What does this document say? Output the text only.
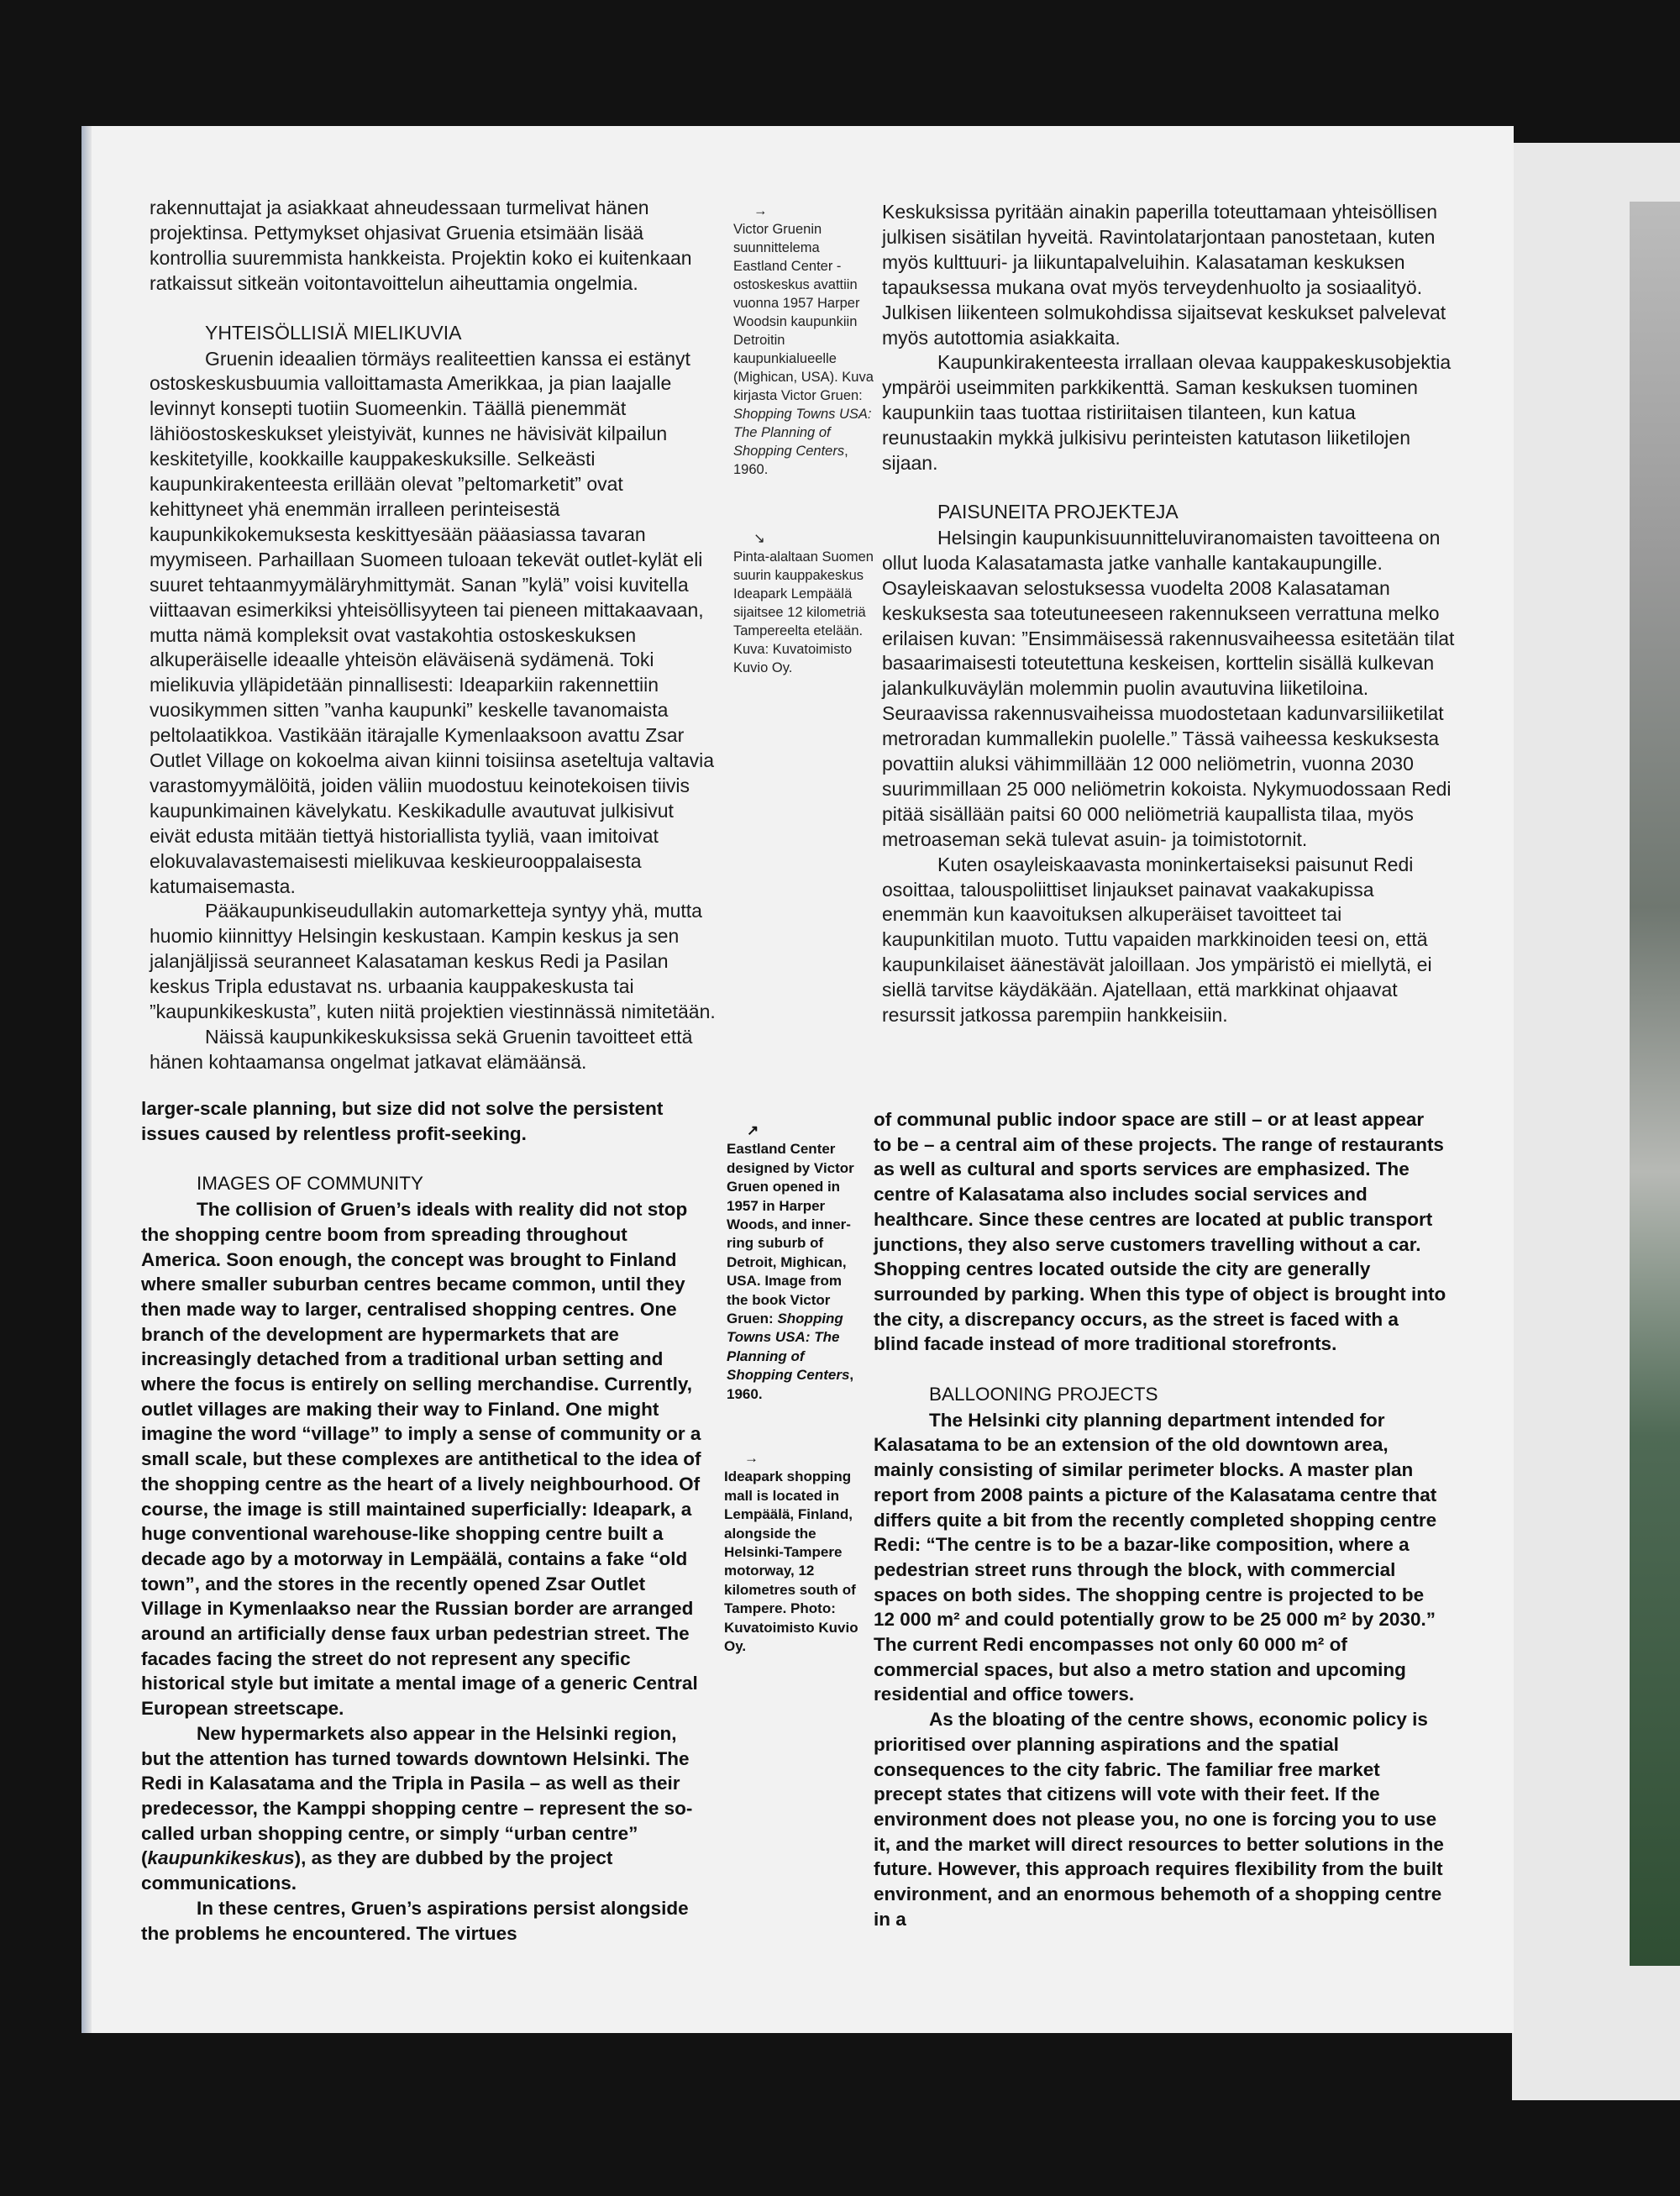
rakennuttajat ja asiakkaat ahneudessaan turmelivat hänen projektinsa. Pettymykset ohjasivat Gruenia etsimään lisää kontrollia suuremmista hankkeista. Projektin koko ei kuitenkaan ratkaissut sitkeän voitontavoittelun aiheuttamia ongelmia.

YHTEISÖLLISIÄ MIELIKUVIA

Gruenin ideaalien törmäys realiteettien kanssa ei estänyt ostoskeskusbuumia valloittamasta Amerikkaa, ja pian laajalle levinnyt konsepti tuotiin Suomeenkin. Täällä pienemmät lähiöostoskeskukset yleistyivät, kunnes ne hävisivät kilpailun keskitetyille, kookkaille kauppakeskuksille. Selkeästi kaupunkirakenteesta erillään olevat ”peltomarketit” ovat kehittyneet yhä enemmän irralleen perinteisestä kaupunkikokemuksesta keskittyesään pääasiassa tavaran myymiseen. Parhaillaan Suomeen tuloaan tekevät outlet-kylät eli suuret tehtaanmyymäläryhmittymät. Sanan ”kylä” voisi kuvitella viittaavan esimerkiksi yhteisöllisyyteen tai pieneen mittakaavaan, mutta nämä kompleksit ovat vastakohtia ostoskeskuksen alkuperäiselle ideaalle yhteisön eläväisenä sydämenä. Toki mielikuvia ylläpidetään pinnallisesti: Ideaparkiin rakennettiin vuosikymmen sitten ”vanha kaupunki” keskelle tavanomaista peltolaatikkoa. Vastikään itärajalle Kymenlaaksoon avattu Zsar Outlet Village on kokoelma aivan kiinni toisiinsa aseteltuja valtavia varastomyymälöitä, joiden väliin muodostuu keinotekoisen tiivis kaupunkimainen kävelykatu. Keskikadulle avautuvat julkisivut eivät edusta mitään tiettyä historiallista tyyliä, vaan imitoivat elokuvalavastemaisesti mielikuvaa keskieurooppalaisesta katumaisemasta.

Pääkaupunkiseudullakin automarketteja syntyy yhä, mutta huomio kiinnittyy Helsingin keskustaan. Kampin keskus ja sen jalanjäljissä seuranneet Kalasataman keskus Redi ja Pasilan keskus Tripla edustavat ns. urbaania kauppakeskusta tai ”kaupunkikeskusta”, kuten niitä projektien viestinnässä nimitetään.

Näissä kaupunkikeskuksissa sekä Gruenin tavoitteet että hänen kohtaamansa ongelmat jatkavat elämäänsä.

→
Victor Gruenin suunnittelema Eastland Center -ostoskeskus avattiin vuonna 1957 Harper Woodsin kaupunkiin Detroitin kaupunkialueelle (Mighican, USA). Kuva kirjasta Victor Gruen: Shopping Towns USA: The Planning of Shopping Centers, 1960.
↘
Pinta-alaltaan Suomen suurin kauppakeskus Ideapark Lempäälä sijaitsee 12 kilometriä Tampereelta etelään. Kuva: Kuvatoimisto Kuvio Oy.

Keskuksissa pyritään ainakin paperilla toteuttamaan yhteisöllisen julkisen sisätilan hyveitä. Ravintolatarjontaan panostetaan, kuten myös kulttuuri- ja liikuntapalveluihin. Kalasataman keskuksen tapauksessa mukana ovat myös terveydenhuolto ja sosiaalityö. Julkisen liikenteen solmukohdissa sijaitsevat keskukset palvelevat myös autottomia asiakkaita.

Kaupunkirakenteesta irrallaan olevaa kauppakeskusobjektia ympäröi useimmiten parkkikenttä. Saman keskuksen tuominen kaupunkiin taas tuottaa ristiriitaisen tilanteen, kun katua reunustaakin mykkä julkisivu perinteisten katutason liiketilojen sijaan.

PAISUNEITA PROJEKTEJA

Helsingin kaupunkisuunnitteluviranomaisten tavoitteena on ollut luoda Kalasatamasta jatke vanhalle kantakaupungille. Osayleiskaavan selostuksessa vuodelta 2008 Kalasataman keskuksesta saa toteutuneeseen rakennukseen verrattuna melko erilaisen kuvan: ”Ensimmäisessä rakennusvaiheessa esitetään tilat basaarimaisesti toteutettuna keskeisen, korttelin sisällä kulkevan jalankulkuväylän molemmin puolin avautuvina liiketiloina. Seuraavissa rakennusvaiheissa muodostetaan kadunvarsiliiketilat metroradan kummallekin puolelle.” Tässä vaiheessa keskuksesta povattiin aluksi vähimmillään 12 000 neliömetrin, vuonna 2030 suurimmillaan 25 000 neliömetrin kokoista. Nykymuodossaan Redi pitää sisällään paitsi 60 000 neliömetriä kaupallista tilaa, myös metroaseman sekä tulevat asuin- ja toimistotornit.

Kuten osayleiskaavasta moninkertaiseksi paisunut Redi osoittaa, talouspoliittiset linjaukset painavat vaakakupissa enemmän kun kaavoituksen alkuperäiset tavoitteet tai kaupunkitilan muoto. Tuttu vapaiden markkinoiden teesi on, että kaupunkilaiset äänestävät jaloillaan. Jos ympäristö ei miellytä, ei siellä tarvitse käydäkään. Ajatellaan, että markkinat ohjaavat resurssit jatkossa parempiin hankkeisiin.

larger-scale planning, but size did not solve the persistent issues caused by relentless profit-seeking.

IMAGES OF COMMUNITY

The collision of Gruen’s ideals with reality did not stop the shopping centre boom from spreading throughout America. Soon enough, the concept was brought to Finland where smaller suburban centres became common, until they then made way to larger, centralised shopping centres. One branch of the development are hypermarkets that are increasingly detached from a traditional urban setting and where the focus is entirely on selling merchandise. Currently, outlet villages are making their way to Finland. One might imagine the word “village” to imply a sense of community or a small scale, but these complexes are antithetical to the idea of the shopping centre as the heart of a lively neighbourhood. Of course, the image is still maintained superficially: Ideapark, a huge conventional warehouse-like shopping centre built a decade ago by a motorway in Lempäälä, contains a fake “old town”, and the stores in the recently opened Zsar Outlet Village in Kymenlaakso near the Russian border are arranged around an artificially dense faux urban pedestrian street. The facades facing the street do not represent any specific historical style but imitate a mental image of a generic Central European streetscape.

New hypermarkets also appear in the Helsinki region, but the attention has turned towards downtown Helsinki. The Redi in Kalasatama and the Tripla in Pasila – as well as their predecessor, the Kamppi shopping centre – represent the so-called urban shopping centre, or simply “urban centre” (kaupunkikeskus), as they are dubbed by the project communications.

In these centres, Gruen’s aspirations persist alongside the problems he encountered. The virtues

↗
Eastland Center designed by Victor Gruen opened in 1957 in Harper Woods, and inner-ring suburb of Detroit, Mighican, USA. Image from the book Victor Gruen: Shopping Towns USA: The Planning of Shopping Centers, 1960.
→
Ideapark shopping mall is located in Lempäälä, Finland, alongside the Helsinki-Tampere motorway, 12 kilometres south of Tampere. Photo: Kuvatoimisto Kuvio Oy.

of communal public indoor space are still – or at least appear to be – a central aim of these projects. The range of restaurants as well as cultural and sports services are emphasized. The centre of Kalasatama also includes social services and healthcare. Since these centres are located at public transport junctions, they also serve customers travelling without a car. Shopping centres located outside the city are generally surrounded by parking. When this type of object is brought into the city, a discrepancy occurs, as the street is faced with a blind facade instead of more traditional storefronts.

BALLOONING PROJECTS

The Helsinki city planning department intended for Kalasatama to be an extension of the old downtown area, mainly consisting of similar perimeter blocks. A master plan report from 2008 paints a picture of the Kalasatama centre that differs quite a bit from the recently completed shopping centre Redi: “The centre is to be a bazar-like composition, where a pedestrian street runs through the block, with commercial spaces on both sides. The shopping centre is projected to be 12 000 m² and could potentially grow to be 25 000 m² by 2030.” The current Redi encompasses not only 60 000 m² of commercial spaces, but also a metro station and upcoming residential and office towers.

As the bloating of the centre shows, economic policy is prioritised over planning aspirations and the spatial consequences to the city fabric. The familiar free market precept states that citizens will vote with their feet. If the environment does not please you, no one is forcing you to use it, and the market will direct resources to better solutions in the future. However, this approach requires flexibility from the built environment, and an enormous behemoth of a shopping centre in a
